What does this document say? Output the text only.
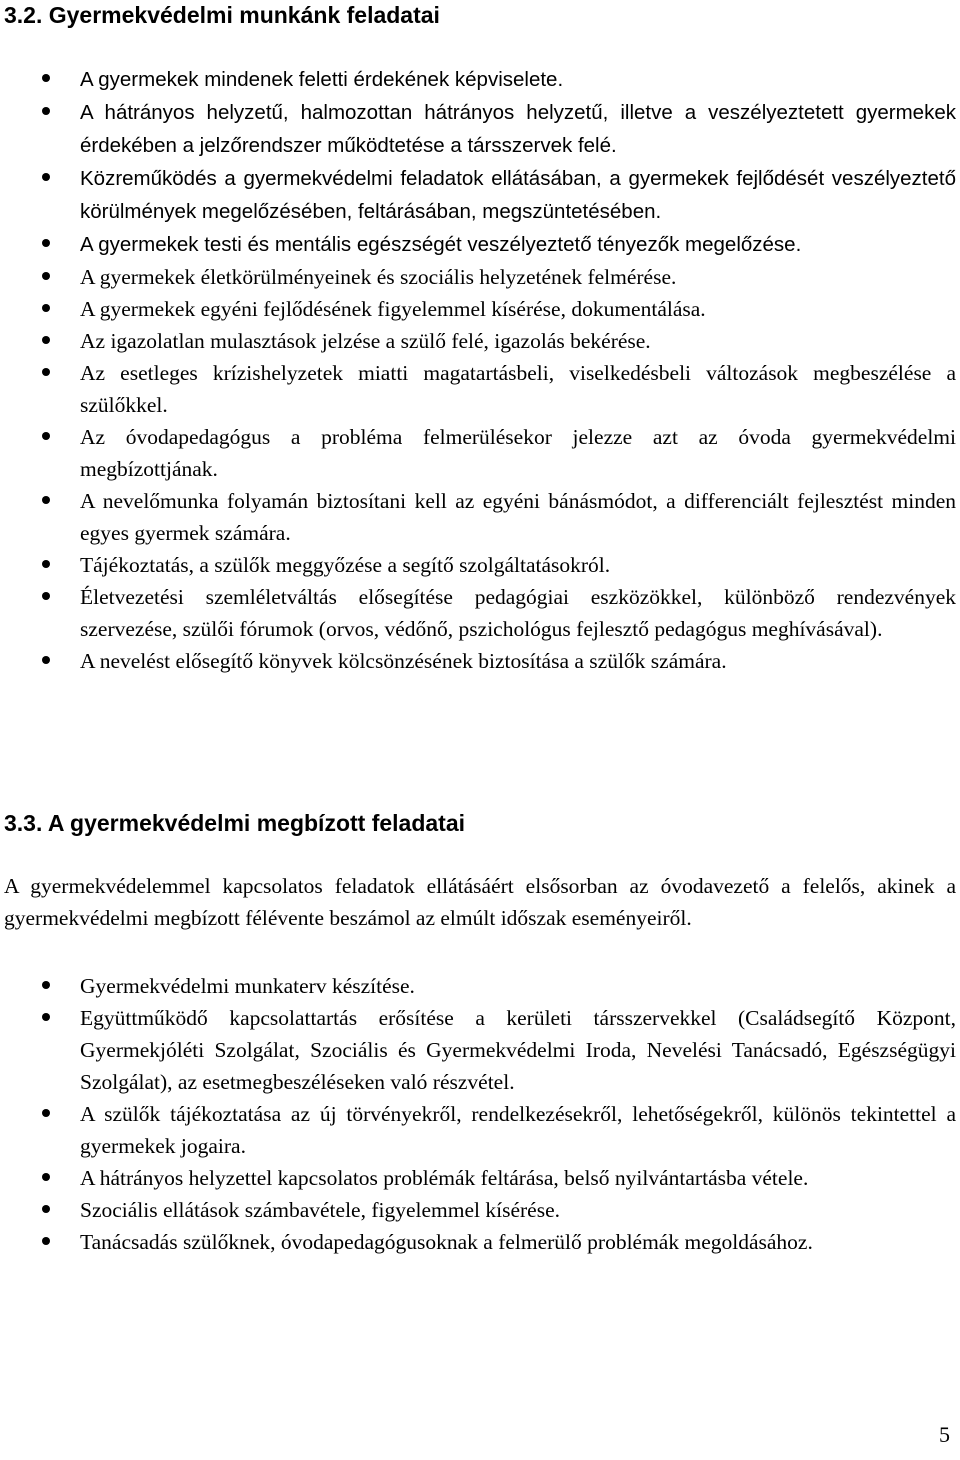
3.2. Gyermekvédelmi munkánk feladatai
A gyermekek mindenek feletti érdekének képviselete.
A hátrányos helyzetű, halmozottan hátrányos helyzetű, illetve a veszélyeztetett gyermekek érdekében a jelzőrendszer működtetése a társszervek felé.
Közreműködés a gyermekvédelmi feladatok ellátásában, a gyermekek fejlődését veszélyeztető körülmények megelőzésében, feltárásában, megszüntetésében.
A gyermekek testi és mentális egészségét veszélyeztető tényezők megelőzése.
A gyermekek életkörülményeinek és szociális helyzetének felmérése.
A gyermekek egyéni fejlődésének figyelemmel kísérése, dokumentálása.
Az igazolatlan mulasztások jelzése a szülő felé, igazolás bekérése.
Az esetleges krízishelyzetek miatti magatartásbeli, viselkedésbeli változások megbeszélése a szülőkkel.
Az óvodapedagógus a probléma felmerülésekor jelezze azt az óvoda gyermekvédelmi megbízottjának.
A nevelőmunka folyamán biztosítani kell az egyéni bánásmódot, a differenciált fejlesztést minden egyes gyermek számára.
Tájékoztatás, a szülők meggyőzése a segítő szolgáltatásokról.
Életvezetési szemléletváltás elősegítése pedagógiai eszközökkel, különböző rendezvények szervezése, szülői fórumok (orvos, védőnő, pszichológus fejlesztő pedagógus meghívásával).
A nevelést elősegítő könyvek kölcsönzésének biztosítása a szülők számára.
3.3. A gyermekvédelmi megbízott feladatai

A gyermekvédelemmel kapcsolatos feladatok ellátásáért elsősorban az óvodavezető a felelős, akinek a gyermekvédelmi megbízott félévente beszámol az elmúlt időszak eseményeiről.

Gyermekvédelmi munkaterv készítése.
Együttműködő kapcsolattartás erősítése a kerületi társszervekkel (Családsegítő Központ, Gyermekjóléti Szolgálat, Szociális és Gyermekvédelmi Iroda, Nevelési Tanácsadó, Egészségügyi Szolgálat), az esetmegbeszéléseken való részvétel.
A szülők tájékoztatása az új törvényekről, rendelkezésekről, lehetőségekről, különös tekintettel a gyermekek jogaira.
A hátrányos helyzettel kapcsolatos problémák feltárása, belső nyilvántartásba vétele.
Szociális ellátások számbavétele, figyelemmel kísérése.
Tanácsadás szülőknek, óvodapedagógusoknak a felmerülő problémák megoldásához.
5
